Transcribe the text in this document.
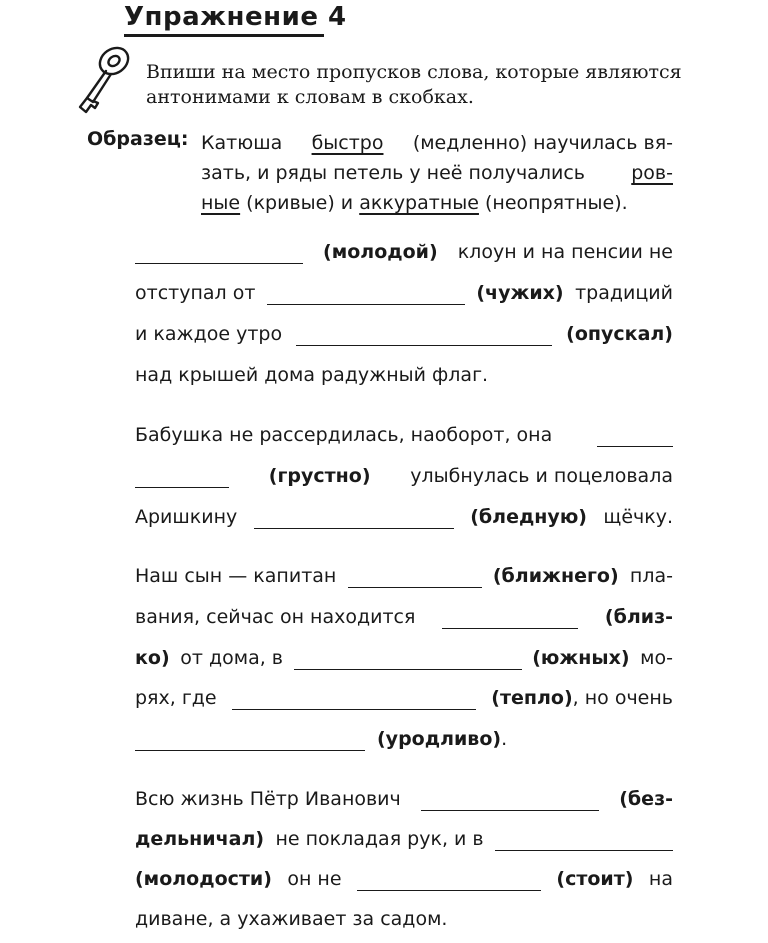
Упражнение 4
Впиши на место пропусков слова, которые являются
антонимами к словам в скобках.
Образец: Катюша быстро (медленно) научилась вя-
зать, и ряды петель у неё получались ров-
ные (кривые) и аккуратные (неопрятные).
(молодой) клоун и на пенсии не
отступал от	(чужих) традиций
и каждое утро	(опускал)
над крышей дома радужный флаг.
Бабушка не рассердилась, наоборот, она
(грустно) улыбнулась и поцеловала
Аришкину	(бледную) щёчку.
Наш сын — капитан	(ближнего) пла-
вания, сейчас он находится	(близ-
ко) от дома, в	(южных) мо-
рях, где	(тепло) , но очень
(уродливо) .
Всю жизнь Пётр Иванович	(без-
дельничал) не покладая рук, и в
(молодости) он не	(стоит) на
диване, а ухаживает за садом.
